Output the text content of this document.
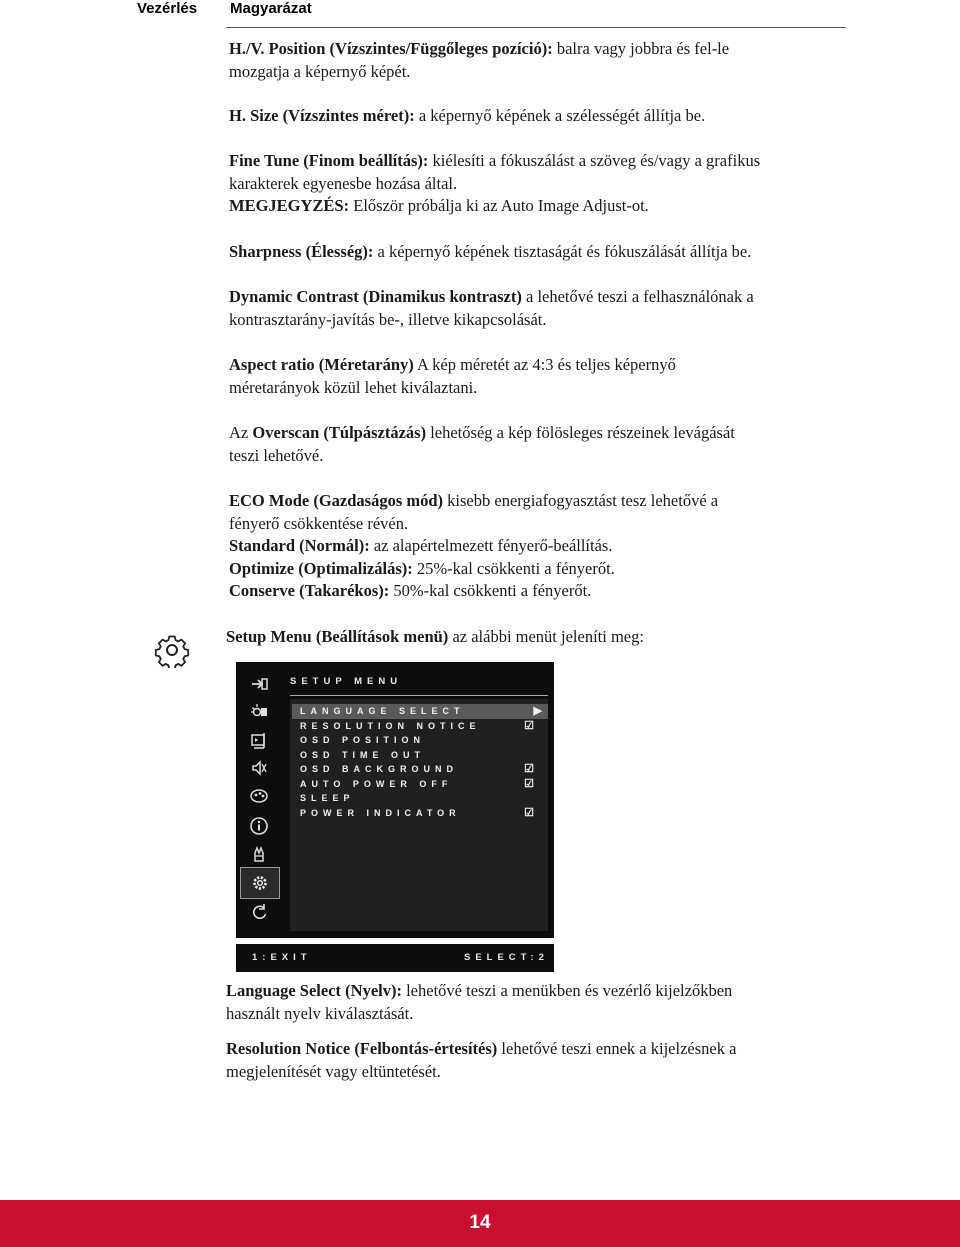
Vezérlés Magyarázat

H./V. Position (Vízszintes/Függőleges pozíció): balra vagy jobbra és fel-le
mozgatja a képernyő képét.

H. Size (Vízszintes méret): a képernyő képének a szélességét állítja be.

Fine Tune (Finom beállítás): kiélesíti a fókuszálást a szöveg és/vagy a grafikus
karakterek egyenesbe hozása által.
MEGJEGYZÉS: Először próbálja ki az Auto Image Adjust-ot.

Sharpness (Élesség): a képernyő képének tisztaságát és fókuszálását állítja be.

Dynamic Contrast (Dinamikus kontraszt) a lehetővé teszi a felhasználónak a
kontrasztarány-javítás be-, illetve kikapcsolását.

Aspect ratio (Méretarány) A kép méretét az 4:3 és teljes képernyő
méretarányok közül lehet kiválaztani.

Az Overscan (Túlpásztázás) lehetőség a kép fölösleges részeinek levágását
teszi lehetővé.

ECO Mode (Gazdaságos mód) kisebb energiafogyasztást tesz lehetővé a
fényerő csökkentése révén.
Standard (Normál): az alapértelmezett fényerő-beállítás.
Optimize (Optimalizálás): 25%-kal csökkenti a fényerőt.
Conserve (Takarékos): 50%-kal csökkenti a fényerőt.

Setup Menu (Beállítások menü) az alábbi menüt jeleníti meg:

SETUP MENU
LANGUAGE SELECT	▶
RESOLUTION NOTICE	☑
OSD POSITION
OSD TIME OUT
OSD BACKGROUND	☑
AUTO POWER OFF	☑
SLEEP
POWER INDICATOR	☑

1:EXIT

	SELECT:2

Language Select (Nyelv): lehetővé teszi a menükben és vezérlő kijelzőkben
használt nyelv kiválasztását.

Resolution Notice (Felbontás-értesítés) lehetővé teszi ennek a kijelzésnek a
megjelenítését vagy eltüntetését.

14
